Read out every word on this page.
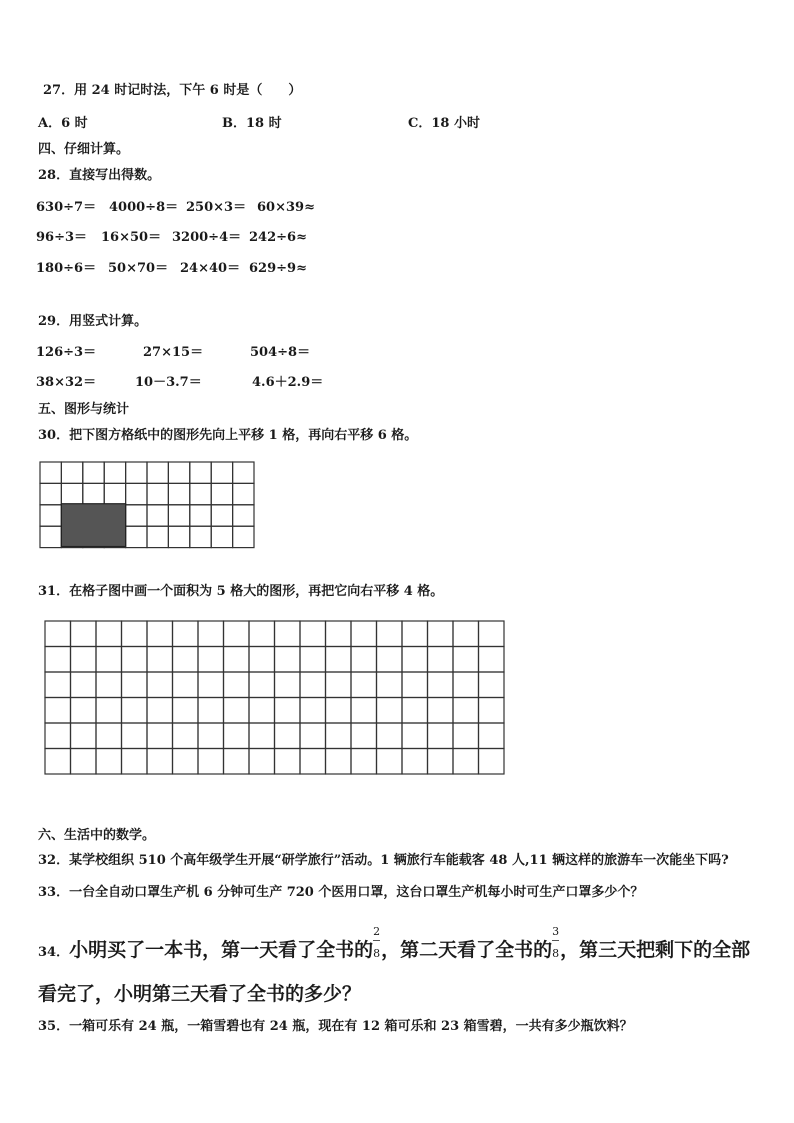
27．用 24 时记时法，下午 6 时是（　　）
A．6 时	B．18 时	C．18 小时
四、仔细计算。
28．直接写出得数。
630÷7＝ 4000÷8＝ 250×3＝ 60×39≈
96÷3＝ 16×50＝ 3200÷4＝ 242÷6≈
180÷6＝ 50×70＝ 24×40＝ 629÷9≈
29．用竖式计算。
126÷3＝	27×15＝	504÷8＝
38×32＝	10－3.7＝	4.6＋2.9＝
五、图形与统计
30．把下图方格纸中的图形先向上平移 1 格，再向右平移 6 格。
31．在格子图中画一个面积为 5 格大的图形，再把它向右平移 4 格。
六、生活中的数学。
32．某学校组织 510 个高年级学生开展“研学旅行”活动。1 辆旅行车能载客 48 人,11 辆这样的旅游车一次能坐下吗?
33．一台全自动口罩生产机 6 分钟可生产 720 个医用口罩，这台口罩生产机每小时可生产口罩多少个？
34．小明买了一本书，第一天看了全书的 $\frac{2}{8}$ ，第二天看了全书的 $\frac{3}{8}$ ，第三天把剩下的全部
看完了，小明第三天看了全书的多少？
35．一箱可乐有 24 瓶，一箱雪碧也有 24 瓶，现在有 12 箱可乐和 23 箱雪碧，一共有多少瓶饮料？
